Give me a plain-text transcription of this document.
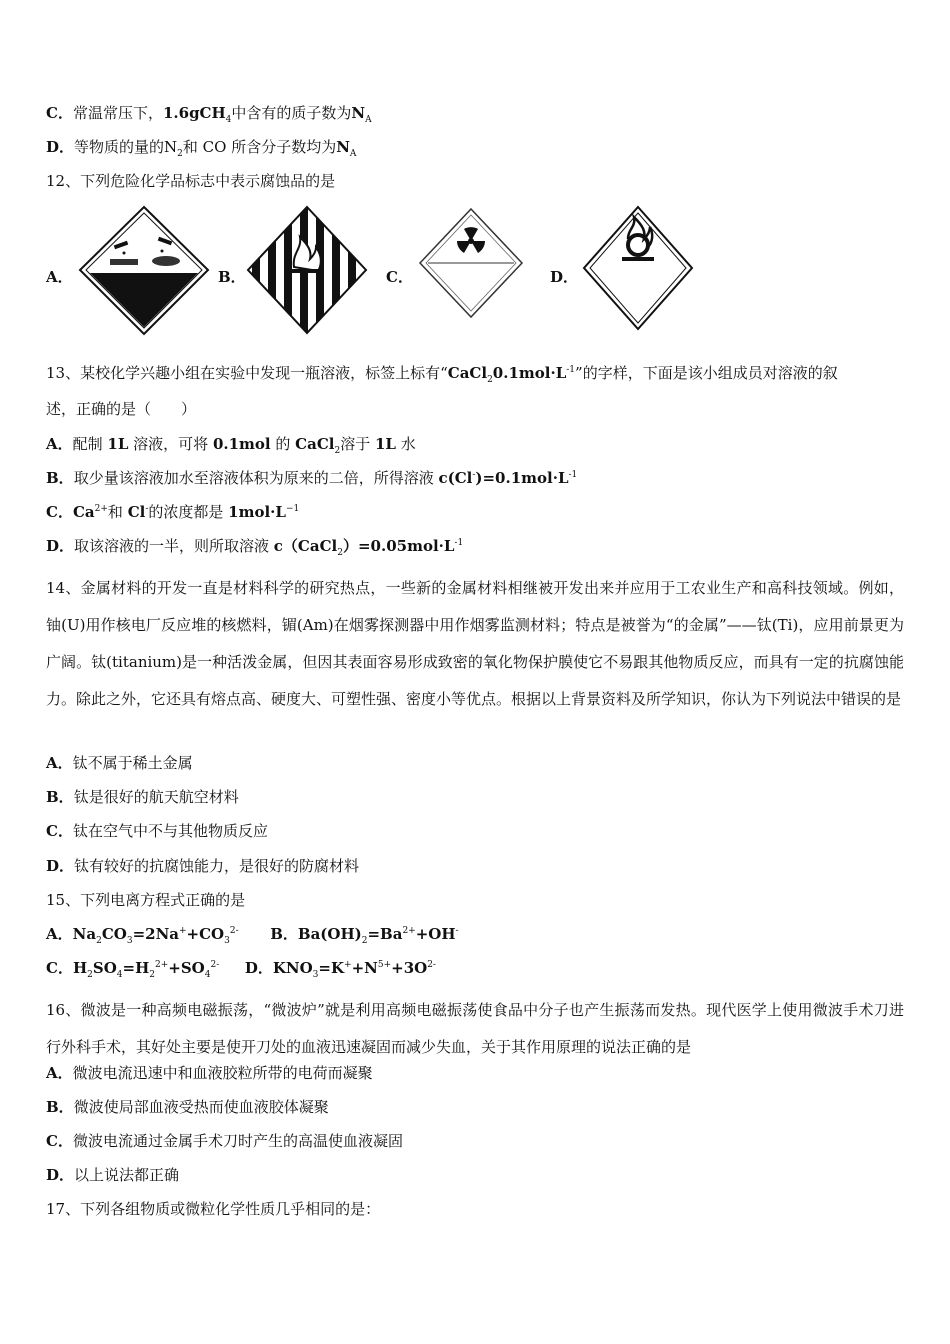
C．常温常压下，1.6gCH$_4$中含有的质子数为$N_A$
D．等物质的量的$N_2$和 CO 所含分子数均为$N_A$
12、下列危险化学品标志中表示腐蚀品的是
A．	B．	C．	D．
13、某校化学兴趣小组在实验中发现一瓶溶液，标签上标有“$CaCl_20.1mol\cdot L^{-1}$”的字样，下面是该小组成员对溶液的叙
述，正确的是（　　）
A．配制 1L 溶液，可将 0.1mol 的 CaCl$_2$溶于 1L 水
B．取少量该溶液加水至溶液体积为原来的二倍，所得溶液 $c(Cl^-)=0.1mol\cdot L^{-1}$
C．$Ca^{2+}$和 Cl-的浓度都是 $1mol\cdot L^{-1}$
D．取该溶液的一半，则所取溶液 $c(CaCl_2)=0.05mol\cdot L^{-1}$
14、金属材料的开发一直是材料科学的研究热点，一些新的金属材料相继被开发出来并应用于工农业生产和高科技领域。例如，铀(U)用作核电厂反应堆的核燃料，镅(Am)在烟雾探测器中用作烟雾监测材料；特点是被誉为“的金属”——钛(Ti)，应用前景更为广阔。钛(titanium)是一种活泼金属，但因其表面容易形成致密的氧化物保护膜使它不易跟其他物质反应，而具有一定的抗腐蚀能力。除此之外，它还具有熔点高、硬度大、可塑性强、密度小等优点。根据以上背景资料及所学知识，你认为下列说法中错误的是
A．钛不属于稀土金属
B．钛是很好的航天航空材料
C．钛在空气中不与其他物质反应
D．钛有较好的抗腐蚀能力，是很好的防腐材料
15、下列电离方程式正确的是
A．$Na_2CO_3=2Na^++CO_3^{2-}$ B．$Ba(OH)_2=Ba^{2+}+OH^-$
C．$H_2SO_4=H_2^{2+}+SO_4^{2-}$ D．$KNO_3=K^++N^{5+}+3O^{2-}$
16、微波是一种高频电磁振荡，“微波炉”就是利用高频电磁振荡使食品中分子也产生振荡而发热。现代医学上使用微波手术刀进行外科手术，其好处主要是使开刀处的血液迅速凝固而减少失血，关于其作用原理的说法正确的是
A．微波电流迅速中和血液胶粒所带的电荷而凝聚
B．微波使局部血液受热而使血液胶体凝聚
C．微波电流通过金属手术刀时产生的高温使血液凝固
D．以上说法都正确
17、下列各组物质或微粒化学性质几乎相同的是：
